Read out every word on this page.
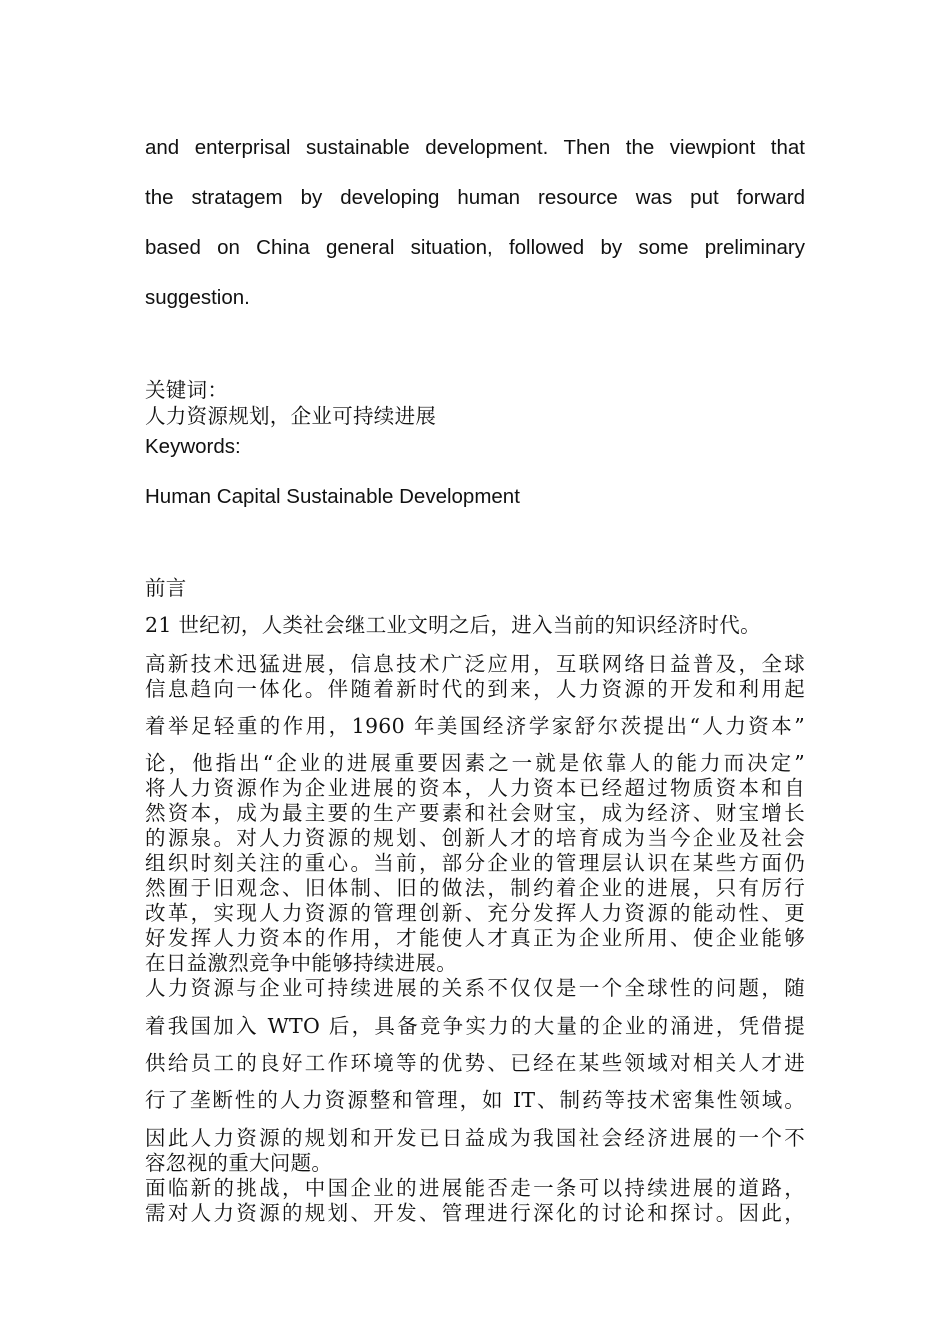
and enterprisal sustainable development. Then the viewpiont that
the stratagem by developing human resource was put forward
based on China general situation, followed by some preliminary
suggestion.
关键词：
人力资源规划，企业可持续进展
Keywords:
Human Capital Sustainable Development
前言
21 世纪初，人类社会继工业文明之后，进入当前的知识经济时代。
高新技术迅猛进展，信息技术广泛应用，互联网络日益普及，全球
信息趋向一体化。伴随着新时代的到来，人力资源的开发和利用起
着举足轻重的作用，1960 年美国经济学家舒尔茨提出“人力资本”
论，他指出“企业的进展重要因素之一就是依靠人的能力而决定”
将人力资源作为企业进展的资本，人力资本已经超过物质资本和自
然资本，成为最主要的生产要素和社会财宝，成为经济、财宝增长
的源泉。对人力资源的规划、创新人才的培育成为当今企业及社会
组织时刻关注的重心。当前，部分企业的管理层认识在某些方面仍
然囿于旧观念、旧体制、旧的做法，制约着企业的进展，只有厉行
改革，实现人力资源的管理创新、充分发挥人力资源的能动性、更
好发挥人力资本的作用，才能使人才真正为企业所用、使企业能够
在日益激烈竞争中能够持续进展。
人力资源与企业可持续进展的关系不仅仅是一个全球性的问题，随
着我国加入 WTO 后，具备竞争实力的大量的企业的涌进，凭借提
供给员工的良好工作环境等的优势、已经在某些领域对相关人才进
行了垄断性的人力资源整和管理，如 IT、制药等技术密集性领域。
因此人力资源的规划和开发已日益成为我国社会经济进展的一个不
容忽视的重大问题。
面临新的挑战，中国企业的进展能否走一条可以持续进展的道路，
需对人力资源的规划、开发、管理进行深化的讨论和探讨。因此，
